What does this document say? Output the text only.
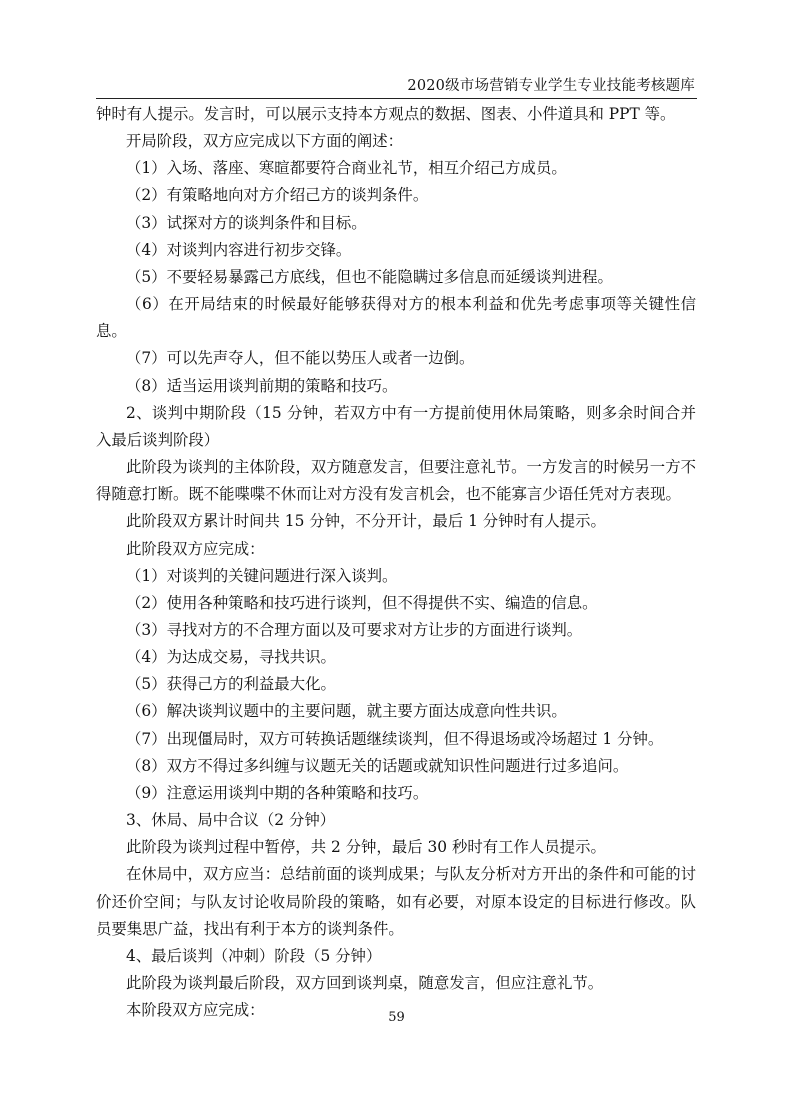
2020级市场营销专业学生专业技能考核题库

钟时有人提示。发言时，可以展示支持本方观点的数据、图表、小件道具和 PPT 等。

开局阶段，双方应完成以下方面的阐述：

（1）入场、落座、寒暄都要符合商业礼节，相互介绍己方成员。

（2）有策略地向对方介绍己方的谈判条件。

（3）试探对方的谈判条件和目标。

（4）对谈判内容进行初步交锋。

（5）不要轻易暴露己方底线，但也不能隐瞒过多信息而延缓谈判进程。

（6）在开局结束的时候最好能够获得对方的根本利益和优先考虑事项等关键性信息。

（7）可以先声夺人，但不能以势压人或者一边倒。

（8）适当运用谈判前期的策略和技巧。

2、谈判中期阶段（15 分钟，若双方中有一方提前使用休局策略，则多余时间合并入最后谈判阶段）

此阶段为谈判的主体阶段，双方随意发言，但要注意礼节。一方发言的时候另一方不得随意打断。既不能喋喋不休而让对方没有发言机会，也不能寡言少语任凭对方表现。

此阶段双方累计时间共 15 分钟，不分开计，最后 1 分钟时有人提示。

此阶段双方应完成：

（1）对谈判的关键问题进行深入谈判。

（2）使用各种策略和技巧进行谈判，但不得提供不实、编造的信息。

（3）寻找对方的不合理方面以及可要求对方让步的方面进行谈判。

（4）为达成交易，寻找共识。

（5）获得己方的利益最大化。

（6）解决谈判议题中的主要问题，就主要方面达成意向性共识。

（7）出现僵局时，双方可转换话题继续谈判，但不得退场或冷场超过 1 分钟。

（8）双方不得过多纠缠与议题无关的话题或就知识性问题进行过多追问。

（9）注意运用谈判中期的各种策略和技巧。

3、休局、局中合议（2 分钟）

此阶段为谈判过程中暂停，共 2 分钟，最后 30 秒时有工作人员提示。

在休局中，双方应当：总结前面的谈判成果；与队友分析对方开出的条件和可能的讨价还价空间；与队友讨论收局阶段的策略，如有必要，对原本设定的目标进行修改。队员要集思广益，找出有利于本方的谈判条件。

4、最后谈判（冲刺）阶段（5 分钟）

此阶段为谈判最后阶段，双方回到谈判桌，随意发言，但应注意礼节。

本阶段双方应完成：	59
